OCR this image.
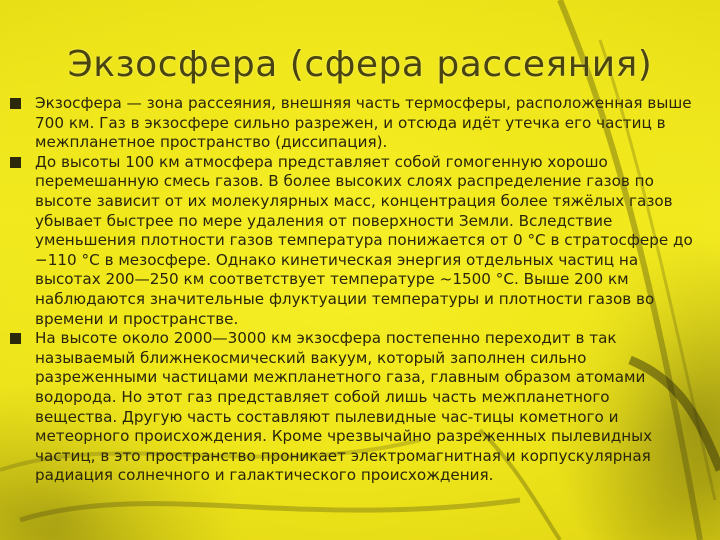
Экзосфера (сфера рассеяния)

Экзосфера — зона рассеяния, внешняя часть термосферы, расположенная выше 700 км. Газ в экзосфере сильно разрежен, и отсюда идёт утечка его частиц в межпланетное пространство (диссипация).

До высоты 100 км атмосфера представляет собой гомогенную хорошо перемешанную смесь газов. В более высоких слоях распределение газов по высоте зависит от их молекулярных масс, концентрация более тяжёлых газов убывает быстрее по мере удаления от поверхности Земли. Вследствие уменьшения плотности газов температура понижается от 0 °С в стратосфере до −110 °С в мезосфере. Однако кинетическая энергия отдельных частиц на высотах 200—250 км соответствует температуре ~1500 °С. Выше 200 км наблюдаются значительные флуктуации температуры и плотности газов во времени и пространстве.

На высоте около 2000—3000 км экзосфера постепенно переходит в так называемый ближнекосмический вакуум, который заполнен сильно разреженными частицами межпланетного газа, главным образом атомами водорода. Но этот газ представляет собой лишь часть межпланетного вещества. Другую часть составляют пылевидные час-тицы кометного и метеорного происхождения. Кроме чрезвычайно разреженных пылевидных частиц, в это пространство проникает электромагнитная и корпускулярная радиация солнечного и галактического происхождения.
